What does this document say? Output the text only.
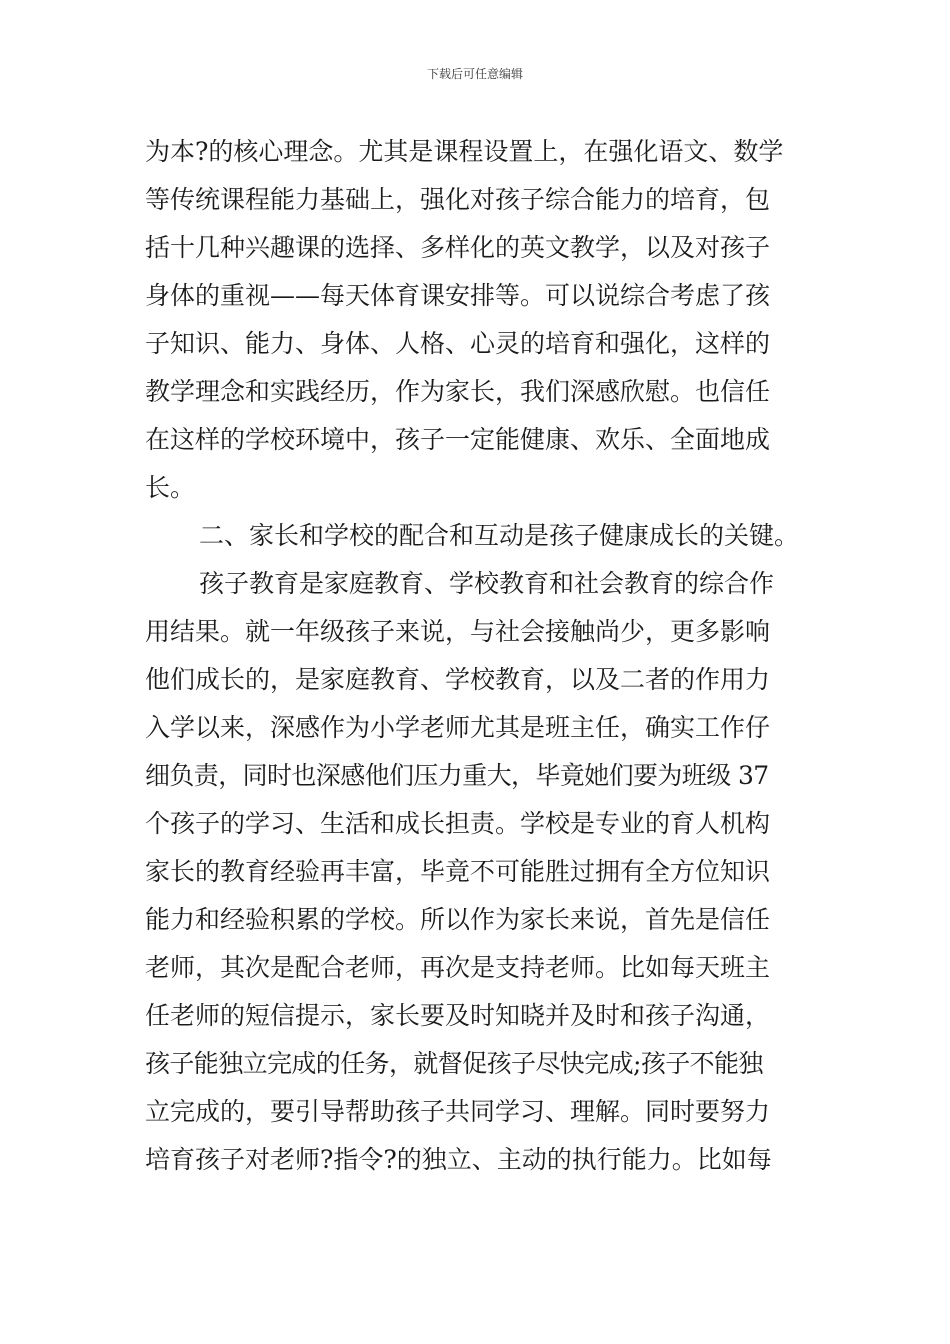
下载后可任意编辑
为本?的核心理念。尤其是课程设置上，在强化语文、数学
等传统课程能力基础上，强化对孩子综合能力的培育，包
括十几种兴趣课的选择、多样化的英文教学，以及对孩子
身体的重视——每天体育课安排等。可以说综合考虑了孩
子知识、能力、身体、人格、心灵的培育和强化，这样的
教学理念和实践经历，作为家长，我们深感欣慰。也信任
在这样的学校环境中，孩子一定能健康、欢乐、全面地成
长。
二、家长和学校的配合和互动是孩子健康成长的关键。
孩子教育是家庭教育、学校教育和社会教育的综合作
用结果。就一年级孩子来说，与社会接触尚少，更多影响
他们成长的，是家庭教育、学校教育，以及二者的作用力
入学以来，深感作为小学老师尤其是班主任，确实工作仔
细负责，同时也深感他们压力重大，毕竟她们要为班级 37
个孩子的学习、生活和成长担责。学校是专业的育人机构
家长的教育经验再丰富，毕竟不可能胜过拥有全方位知识
能力和经验积累的学校。所以作为家长来说，首先是信任
老师，其次是配合老师，再次是支持老师。比如每天班主
任老师的短信提示，家长要及时知晓并及时和孩子沟通，
孩子能独立完成的任务，就督促孩子尽快完成;孩子不能独
立完成的，要引导帮助孩子共同学习、理解。同时要努力
培育孩子对老师?指令?的独立、主动的执行能力。比如每
